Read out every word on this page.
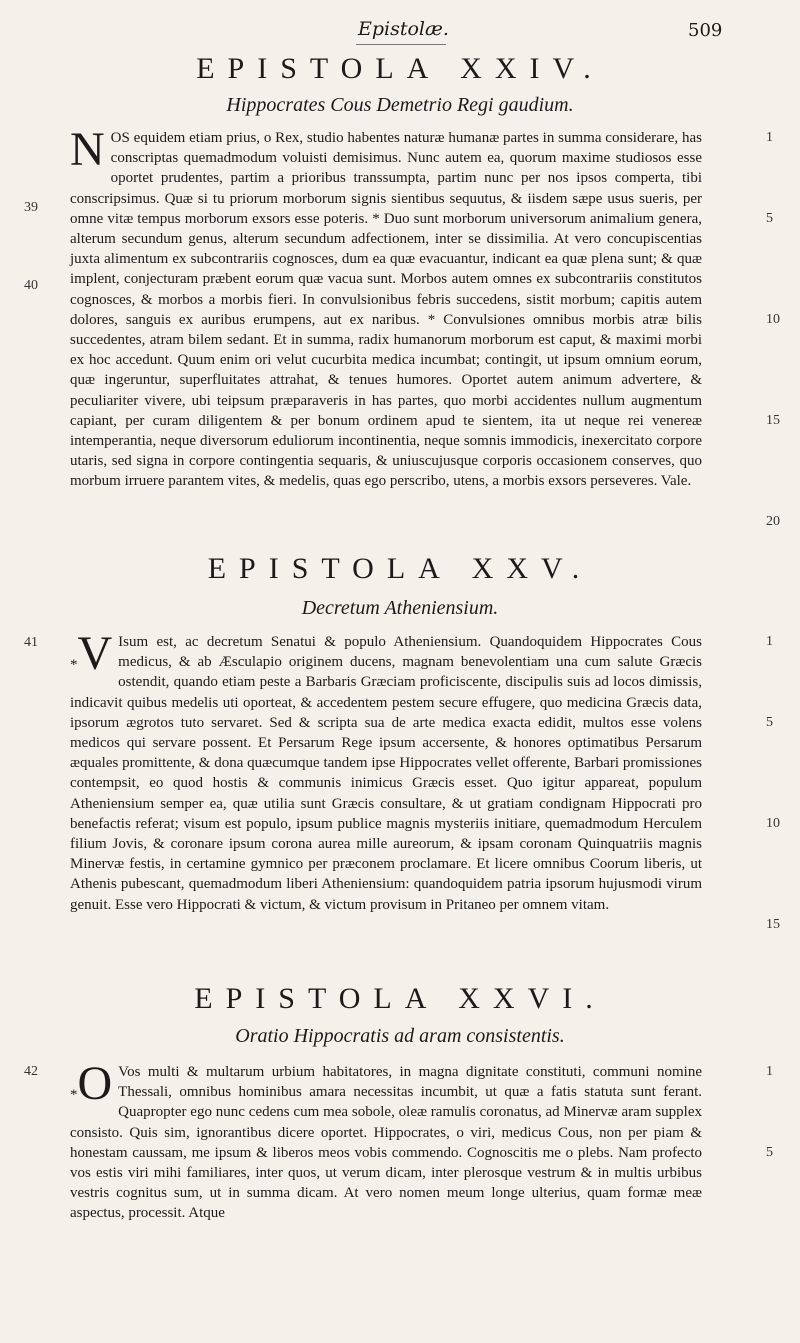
Epistolæ.	509
EPISTOLA XXIV.
Hippocrates Cous Demetrio Regi gaudium.
NOS equidem etiam prius, o Rex, studio habentes naturæ humanæ partes in summa considerare, has conscriptas quemadmodum voluisti demisimus. Nunc autem ea, quorum maxime studiosos esse oportet prudentes, partim a prioribus transsumpta, partim nunc per nos ipsos comperta, tibi conscripsimus. Quæ si tu priorum morborum signis sientibus sequutus, & iisdem sæpe usus sueris, per omne vitæ tempus morborum exsors esse poteris. * Duo sunt morborum universorum animalium genera, alterum secundum genus, alterum secundum adfectionem, inter se dissimilia. At vero concupiscentias juxta alimentum ex subcontrariis cognosces, dum ea quæ evacuantur, indicant ea quæ plena sunt; & quæ implent, conjecturam præbent eorum quæ vacua sunt. Morbos autem omnes ex subcontrariis constitutos cognosces, & morbos a morbis fieri. In convulsionibus febris succedens, sistit morbum; capitis autem dolores, sanguis ex auribus erumpens, aut ex naribus. * Convulsiones omnibus morbis atræ bilis succedentes, atram bilem sedant. Et in summa, radix humanorum morborum est caput, & maximi morbi ex hoc accedunt. Quum enim ori velut cucurbita medica incumbat; contingit, ut ipsum omnium eorum, quæ ingeruntur, superfluitates attrahat, & tenues humores. Oportet autem animum advertere, & peculiariter vivere, ubi teipsum præparaveris in has partes, quo morbi accidentes nullum augmentum capiant, per curam diligentem & per bonum ordinem apud te sientem, ita ut neque rei venereæ intemperantia, neque diversorum eduliorum incontinentia, neque somnis immodicis, inexercitato corpore utaris, sed signa in corpore contingentia sequaris, & uniuscujusque corporis occasionem conserves, quo morbum irruere parantem vites, & medelis, quas ego perscribo, utens, a morbis exsors perseveres. Vale.
EPISTOLA XXV.
Decretum Atheniensium.
*V Isum est, ac decretum Senatui & populo Atheniensium. Quandoquidem Hippocrates Cous medicus, & ab Æsculapio originem ducens, magnam benevolentiam una cum salute Græcis ostendit, quando etiam peste a Barbaris Græciam proficiscente, discipulis suis ad locos dimissis, indicavit quibus medelis uti oporteat, & accedentem pestem secure effugere, quo medicina Græcis data, ipsorum ægrotos tuto servaret. Sed & scripta sua de arte medica exacta edidit, multos esse volens medicos qui servare possent. Et Persarum Rege ipsum accersente, & honores optimatibus Persarum æquales promittente, & dona quæcumque tandem ipse Hippocrates vellet offerente, Barbari promissiones contempsit, eo quod hostis & communis inimicus Græcis esset. Quo igitur appareat, populum Atheniensium semper ea, quæ utilia sunt Græcis consultare, & ut gratiam condignam Hippocrati pro benefactis referat; visum est populo, ipsum publice magnis mysteriis initiare, quemadmodum Herculem filium Jovis, & coronare ipsum corona aurea mille aureorum, & ipsam coronam Quinquatriis magnis Minervæ festis, in certamine gymnico per præconem proclamare. Et licere omnibus Coorum liberis, ut Athenis pubescant, quemadmodum liberi Atheniensium: quandoquidem patria ipsorum hujusmodi virum genuit. Esse vero Hippocrati & victum, & victum provisum in Pritaneo per omnem vitam.
EPISTOLA XXVI.
Oratio Hippocratis ad aram consistentis.
*O Vos multi & multarum urbium habitatores, in magna dignitate constituti, communi nomine Thessali, omnibus hominibus amara necessitas incumbit, ut quæ a fatis statuta sunt ferant. Quapropter ego nunc cedens cum mea sobole, oleæ ramulis coronatus, ad Minervæ aram supplex consisto. Quis sim, ignorantibus dicere oportet. Hippocrates, o viri, medicus Cous, non per piam & honestam caussam, me ipsum & liberos meos vobis commendo. Cognoscitis me o plebs. Nam profecto vos estis viri mihi familiares, inter quos, ut verum dicam, inter plerosque vestrum & in multis urbibus vestris cognitus sum, ut in summa dicam. At vero nomen meum longe ulterius, quam formæ meæ aspectus, processit. Atque
39
40
41
42
1
5
10
15
20
1
5
10
15
1
5
